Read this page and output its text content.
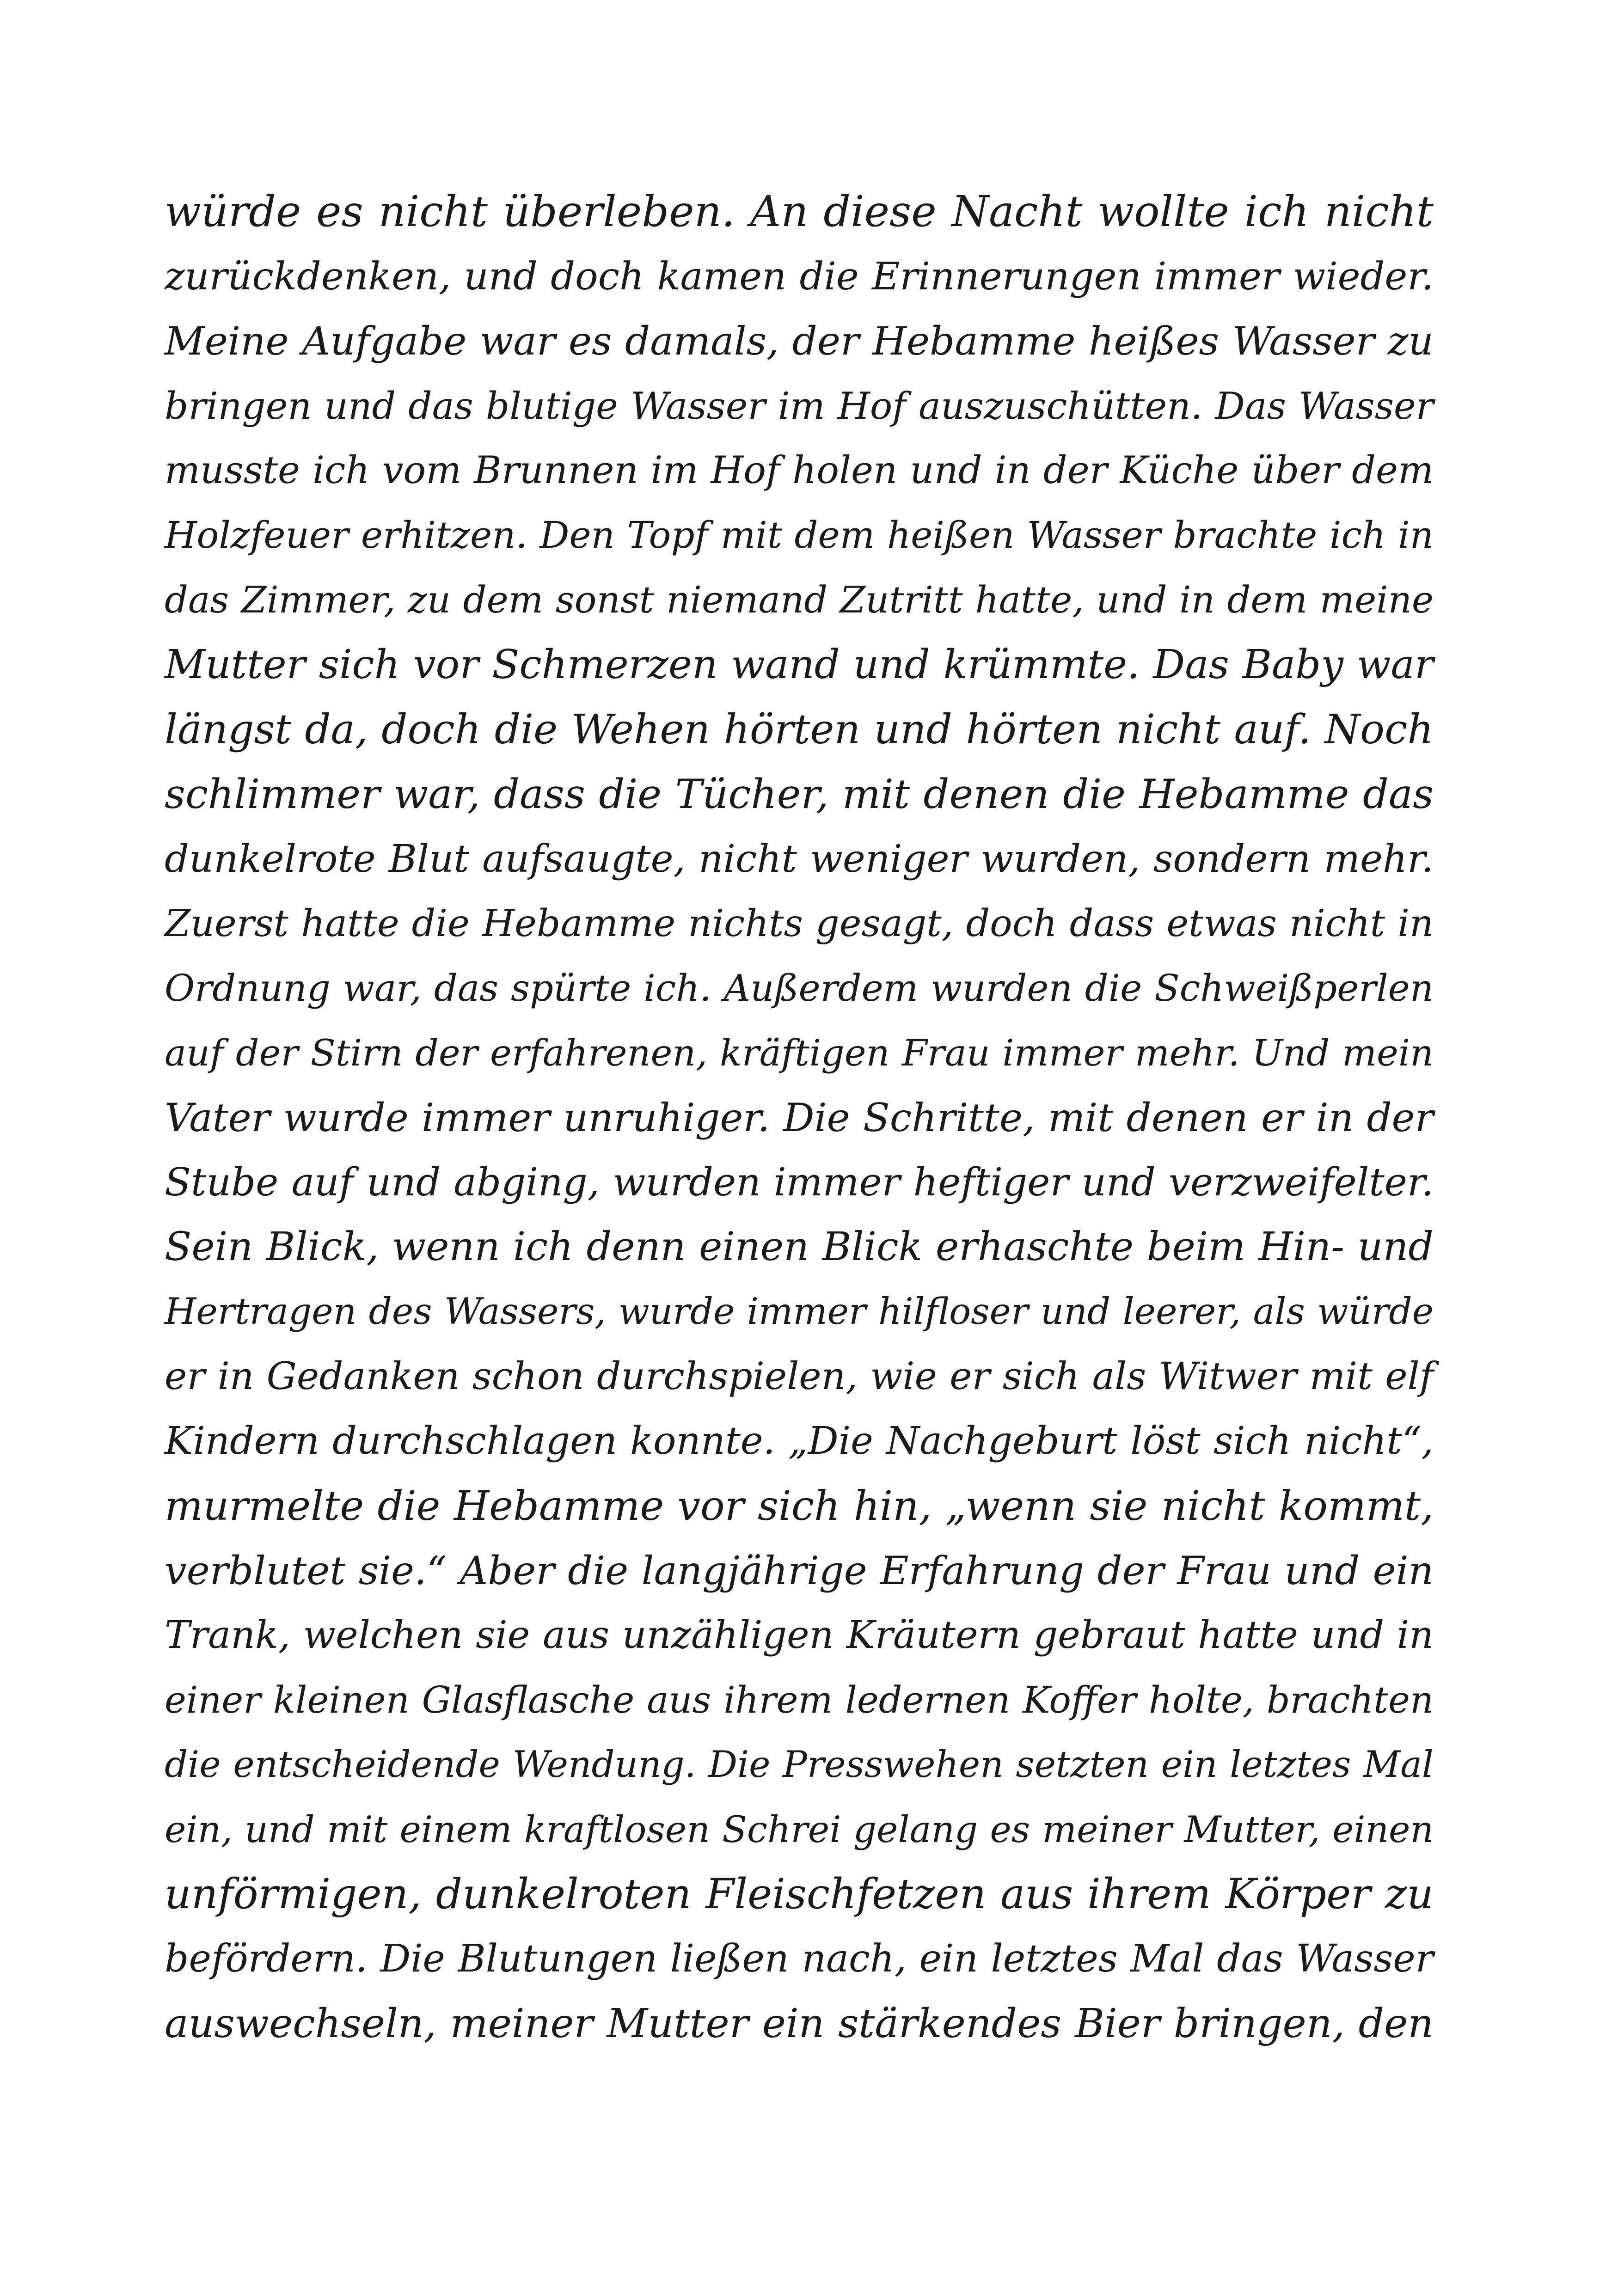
würde es nicht überleben. An diese Nacht wollte ich nicht
zurückdenken, und doch kamen die Erinnerungen immer wieder.
Meine Aufgabe war es damals, der Hebamme heißes Wasser zu
bringen und das blutige Wasser im Hof auszuschütten. Das Wasser
musste ich vom Brunnen im Hof holen und in der Küche über dem
Holzfeuer erhitzen. Den Topf mit dem heißen Wasser brachte ich in
das Zimmer, zu dem sonst niemand Zutritt hatte, und in dem meine
Mutter sich vor Schmerzen wand und krümmte. Das Baby war
längst da, doch die Wehen hörten und hörten nicht auf. Noch
schlimmer war, dass die Tücher, mit denen die Hebamme das
dunkelrote Blut aufsaugte, nicht weniger wurden, sondern mehr.
Zuerst hatte die Hebamme nichts gesagt, doch dass etwas nicht in
Ordnung war, das spürte ich. Außerdem wurden die Schweißperlen
auf der Stirn der erfahrenen, kräftigen Frau immer mehr. Und mein
Vater wurde immer unruhiger. Die Schritte, mit denen er in der
Stube auf und abging, wurden immer heftiger und verzweifelter.
Sein Blick, wenn ich denn einen Blick erhaschte beim Hin- und
Hertragen des Wassers, wurde immer hilfloser und leerer, als würde
er in Gedanken schon durchspielen, wie er sich als Witwer mit elf
Kindern durchschlagen konnte. „Die Nachgeburt löst sich nicht“,
murmelte die Hebamme vor sich hin, „wenn sie nicht kommt,
verblutet sie.“ Aber die langjährige Erfahrung der Frau und ein
Trank, welchen sie aus unzähligen Kräutern gebraut hatte und in
einer kleinen Glasflasche aus ihrem ledernen Koffer holte, brachten
die entscheidende Wendung. Die Presswehen setzten ein letztes Mal
ein, und mit einem kraftlosen Schrei gelang es meiner Mutter, einen
unförmigen, dunkelroten Fleischfetzen aus ihrem Körper zu
befördern. Die Blutungen ließen nach, ein letztes Mal das Wasser
auswechseln, meiner Mutter ein stärkendes Bier bringen, den
